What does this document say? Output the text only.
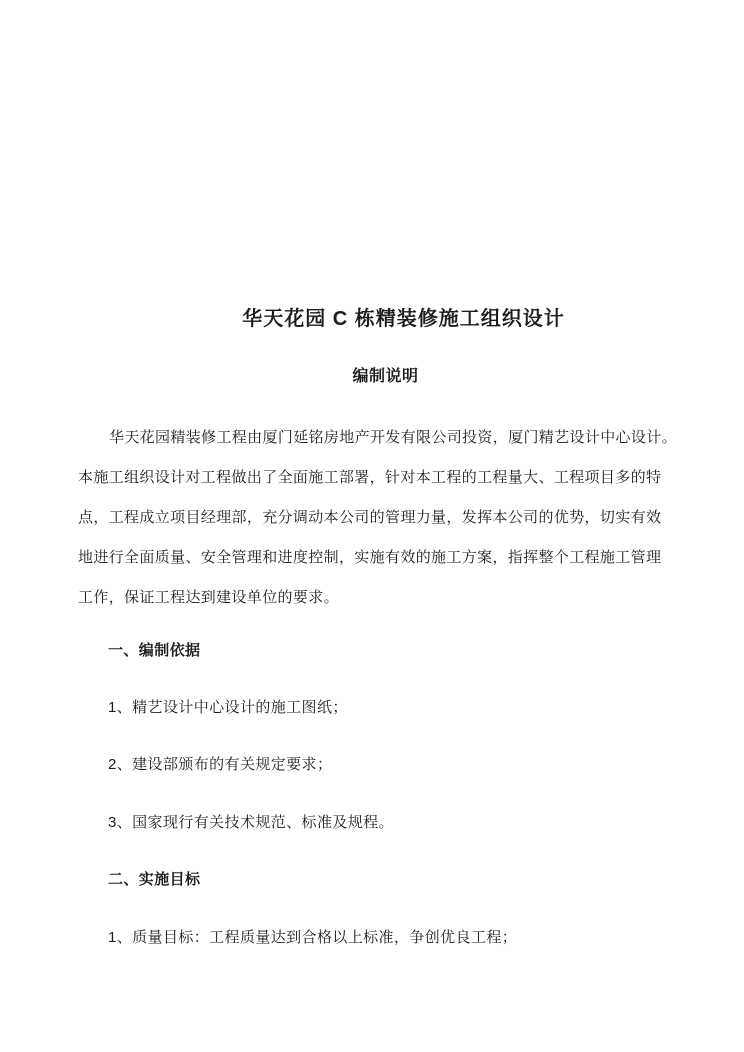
华天花园 C 栋精装修施工组织设计
编制说明
华天花园精装修工程由厦门延铭房地产开发有限公司投资，厦门精艺设计中心设计。
本施工组织设计对工程做出了全面施工部署，针对本工程的工程量大、工程项目多的特
点，工程成立项目经理部，充分调动本公司的管理力量，发挥本公司的优势，切实有效
地进行全面质量、安全管理和进度控制，实施有效的施工方案，指挥整个工程施工管理
工作，保证工程达到建设单位的要求。
一、编制依据
1、精艺设计中心设计的施工图纸；
2、建设部颁布的有关规定要求；
3、国家现行有关技术规范、标准及规程。
二、实施目标
1、质量目标：工程质量达到合格以上标准，争创优良工程；
